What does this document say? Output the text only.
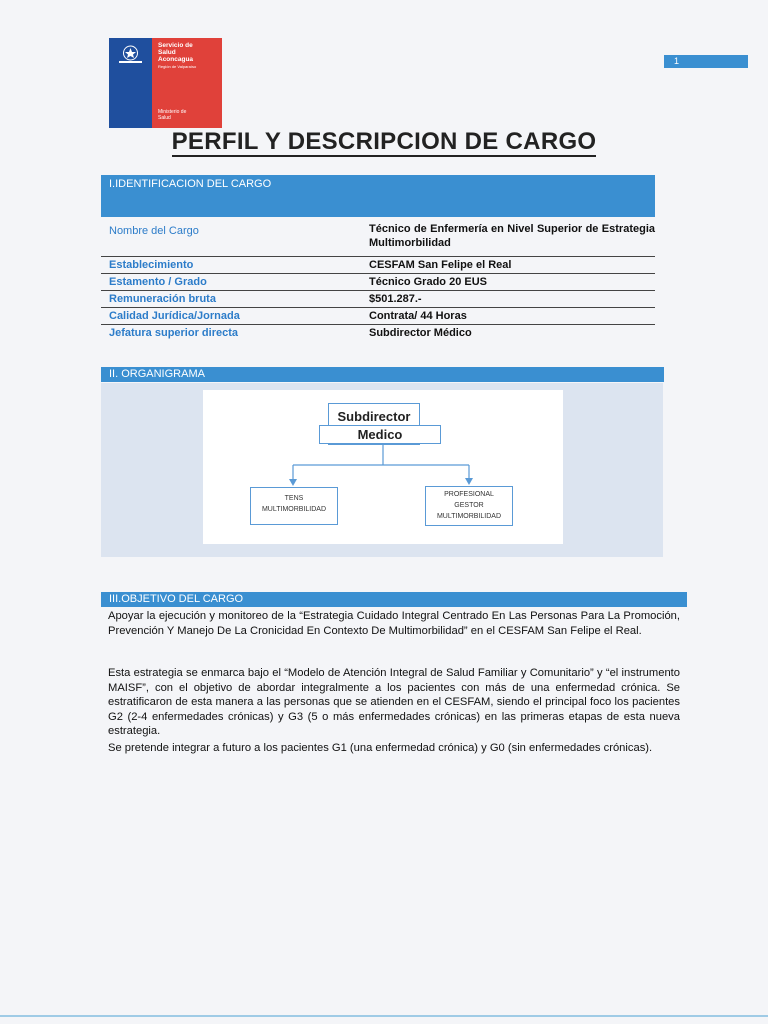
Servicio de
Salud
Aconcagua
Región de Valparaíso
Ministerio de
Salud
1
PERFIL Y DESCRIPCION DE CARGO
I.IDENTIFICACION DEL CARGO
Nombre del Cargo	Técnico de Enfermería en Nivel Superior de Estrategia Multimorbilidad
Establecimiento	CESFAM San Felipe el Real
Estamento / Grado	Técnico Grado 20 EUS
Remuneración bruta	$501.287.-
Calidad Jurídica/Jornada	Contrata/ 44 Horas
Jefatura superior directa	Subdirector Médico
II. ORGANIGRAMA
Subdirector
Medico
TENS
MULTIMORBILIDAD
PROFESIONAL
GESTOR
MULTIMORBILIDAD
III.OBJETIVO DEL CARGO
Apoyar la ejecución y monitoreo de la “Estrategia Cuidado Integral Centrado En Las Personas Para La Promoción, Prevención Y Manejo De La Cronicidad En Contexto De Multimorbilidad” en el CESFAM San Felipe el Real.
Esta estrategia se enmarca bajo el “Modelo de Atención Integral de Salud Familiar y Comunitario” y “el instrumento MAISF”, con el objetivo de abordar integralmente a los pacientes con más de una enfermedad crónica. Se estratificaron de esta manera a las personas que se atienden en el CESFAM, siendo el principal foco los pacientes G2 (2-4 enfermedades crónicas) y G3 (5 o más enfermedades crónicas) en las primeras etapas de esta nueva estrategia.
Se pretende integrar a futuro a los pacientes G1 (una enfermedad crónica) y G0 (sin enfermedades crónicas).
